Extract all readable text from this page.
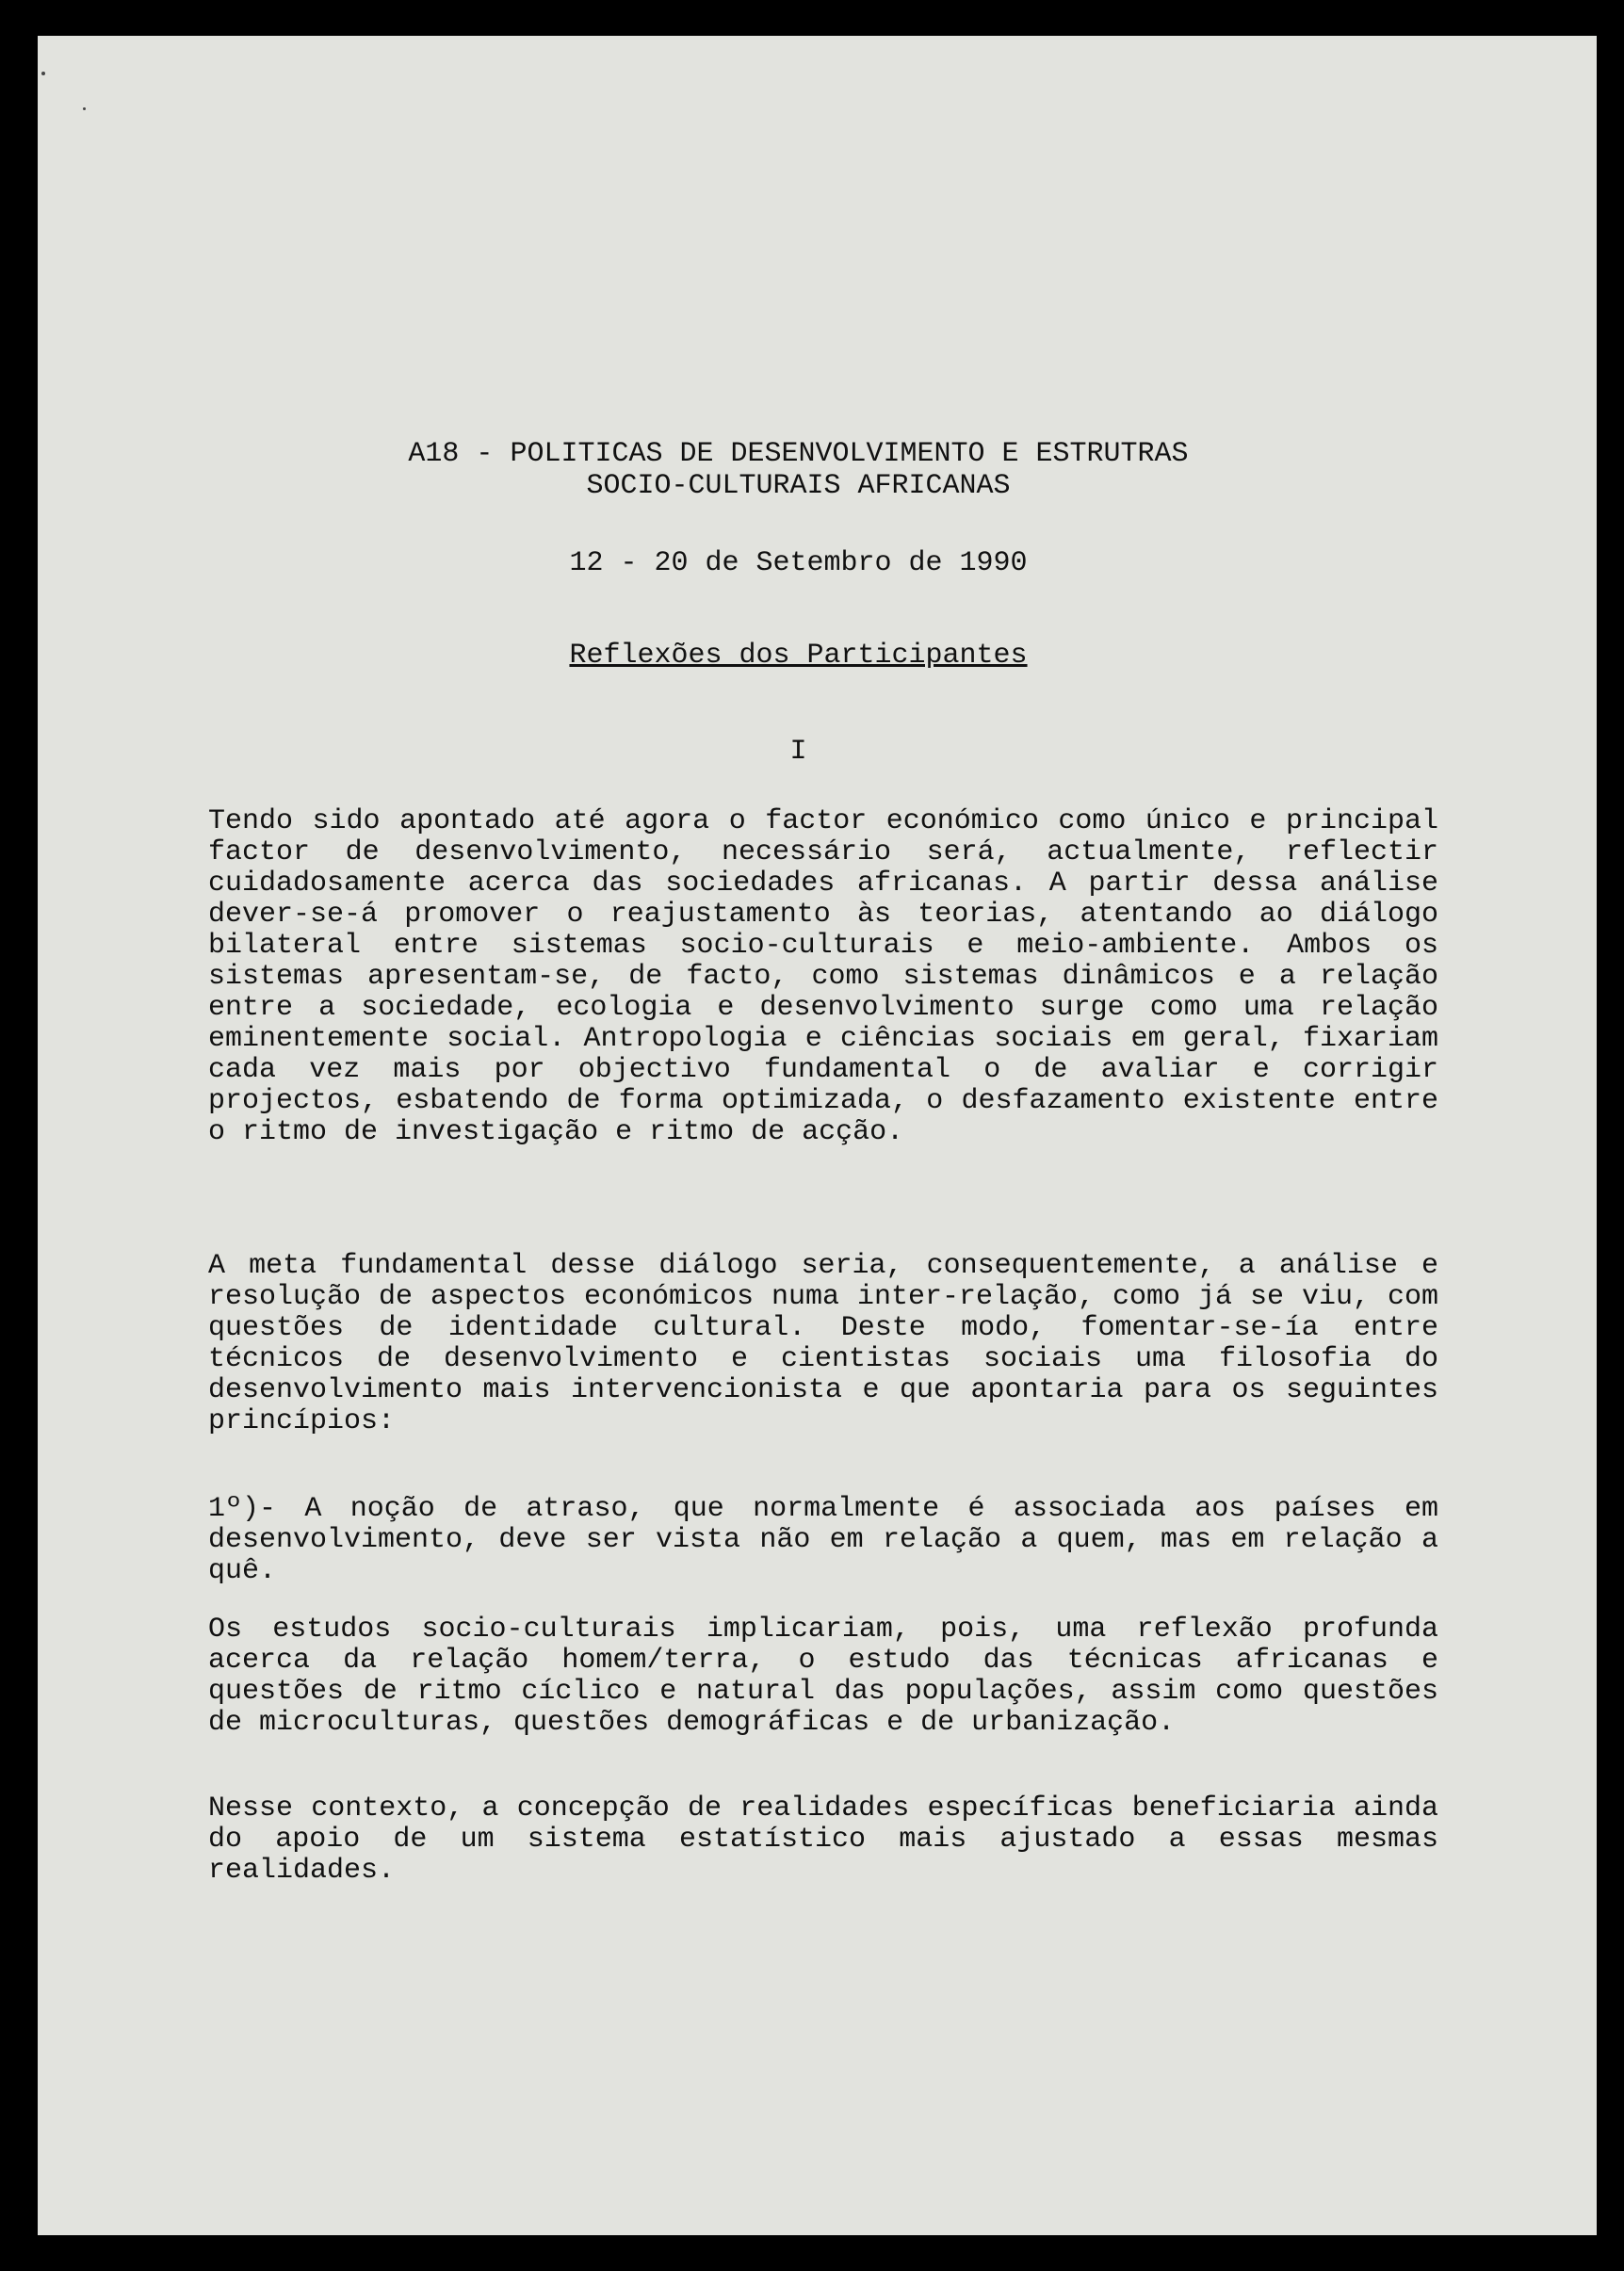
A18 - POLITICAS DE DESENVOLVIMENTO E ESTRUTRAS
SOCIO-CULTURAIS AFRICANAS
12 - 20 de Setembro de 1990
Reflexões dos Participantes
I

Tendo sido apontado até agora o factor económico como único e principal factor de desenvolvimento, necessário será, actualmente, reflectir cuidadosamente acerca das sociedades africanas. A partir dessa análise dever-se-á promover o reajustamento às teorias, atentando ao diálogo bilateral entre sistemas socio-culturais e meio-ambiente. Ambos os sistemas apresentam-se, de facto, como sistemas dinâmicos e a relação entre a sociedade, ecologia e desenvolvimento surge como uma relação eminentemente social. Antropologia e ciências sociais em geral, fixariam cada vez mais por objectivo fundamental o de avaliar e corrigir projectos, esbatendo de forma optimizada, o desfazamento existente entre o ritmo de investigação e ritmo de acção.

A meta fundamental desse diálogo seria, consequentemente, a análise e resolução de aspectos económicos numa inter-relação, como já se viu, com questões de identidade cultural. Deste modo, fomentar-se-ía entre técnicos de desenvolvimento e cientistas sociais uma filosofia do desenvolvimento mais intervencionista e que apontaria para os seguintes princípios:

1º)- A noção de atraso, que normalmente é associada aos países em desenvolvimento, deve ser vista não em relação a quem, mas em relação a quê.

Os estudos socio-culturais implicariam, pois, uma reflexão profunda acerca da relação homem/terra, o estudo das técnicas africanas e questões de ritmo cíclico e natural das populações, assim como questões de microculturas, questões demográficas e de urbanização.

Nesse contexto, a concepção de realidades específicas beneficiaria ainda do apoio de um sistema estatístico mais ajustado a essas mesmas realidades.
